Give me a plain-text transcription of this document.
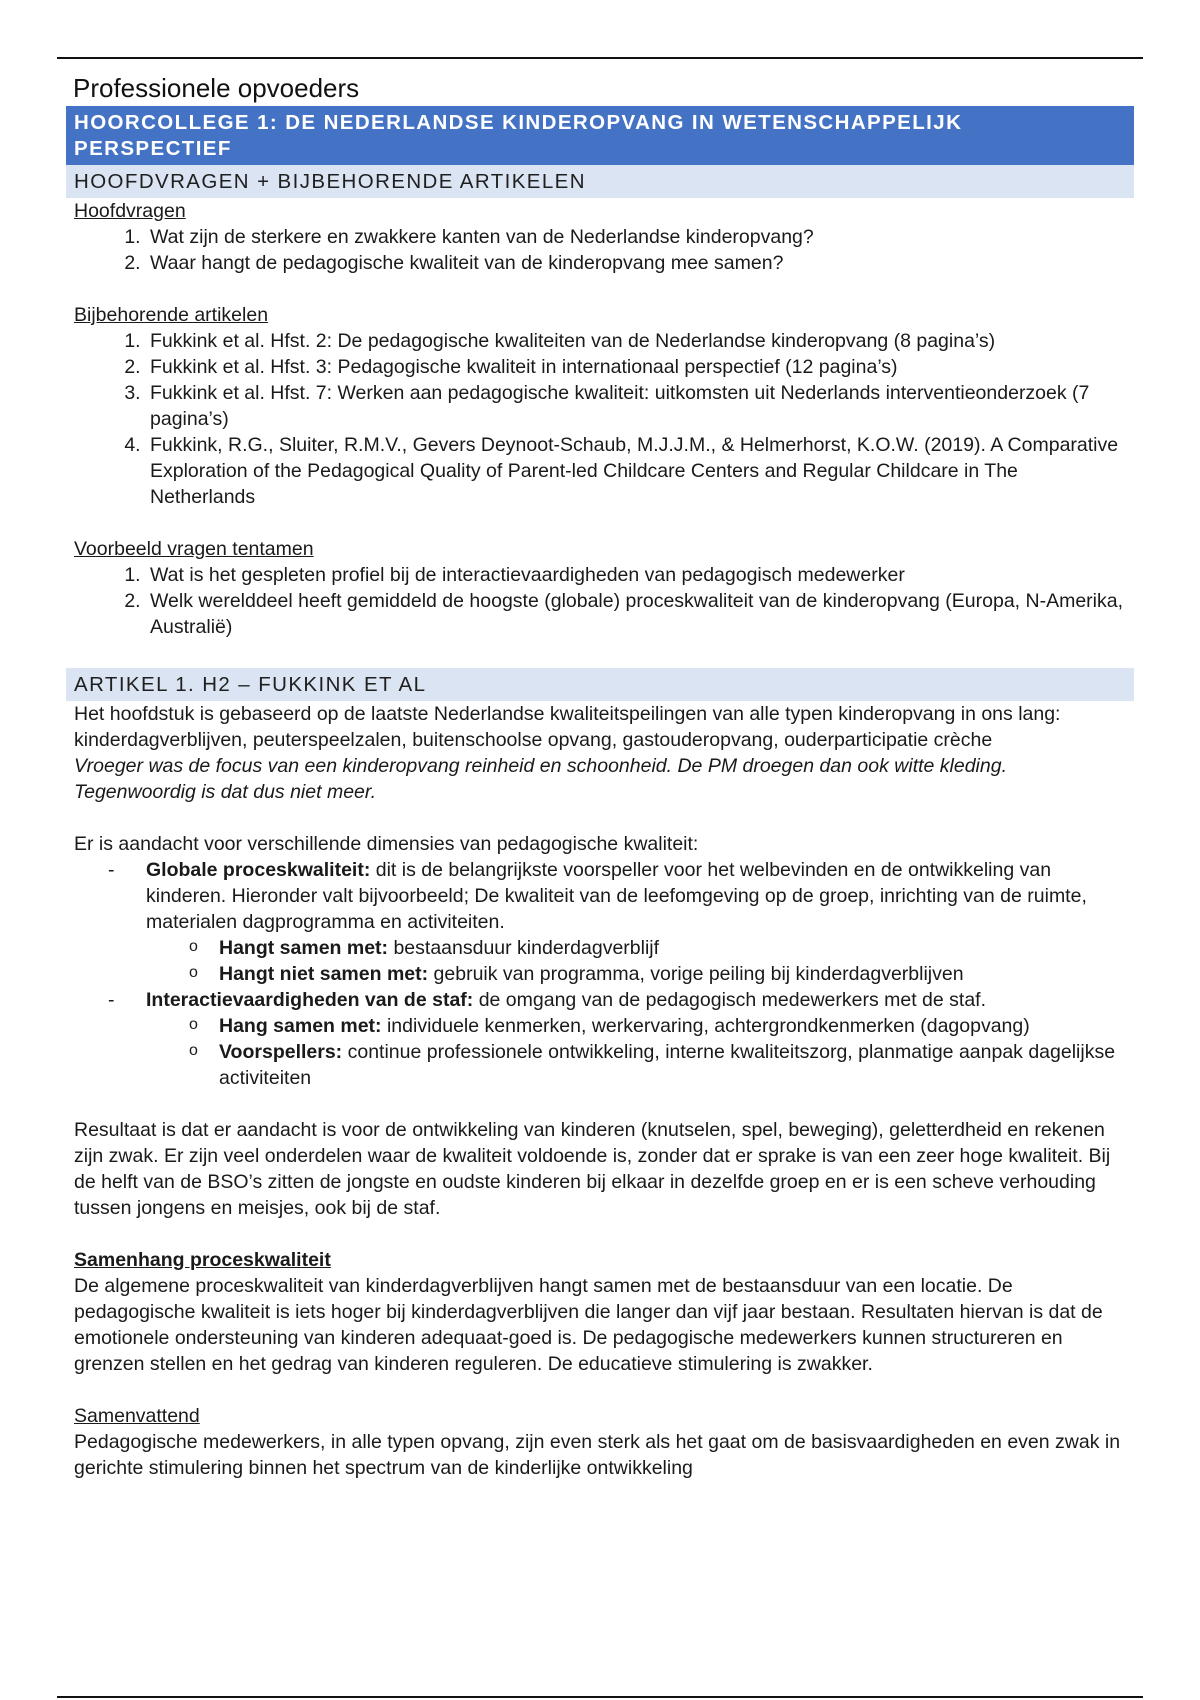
Professionele opvoeders
HOORCOLLEGE 1: DE NEDERLANDSE KINDEROPVANG IN WETENSCHAPPELIJK PERSPECTIEF
HOOFDVRAGEN + BIJBEHORENDE ARTIKELEN

Hoofdvragen

1. Wat zijn de sterkere en zwakkere kanten van de Nederlandse kinderopvang?
2. Waar hangt de pedagogische kwaliteit van de kinderopvang mee samen?

Bijbehorende artikelen

1. Fukkink et al. Hfst. 2: De pedagogische kwaliteiten van de Nederlandse kinderopvang (8 pagina’s)
2. Fukkink et al. Hfst. 3: Pedagogische kwaliteit in internationaal perspectief (12 pagina’s)
3. Fukkink et al. Hfst. 7: Werken aan pedagogische kwaliteit: uitkomsten uit Nederlands interventieonderzoek (7 pagina’s)
4. Fukkink, R.G., Sluiter, R.M.V., Gevers Deynoot-Schaub, M.J.J.M., & Helmerhorst, K.O.W. (2019). A Comparative Exploration of the Pedagogical Quality of Parent-led Childcare Centers and Regular Childcare in The Netherlands

Voorbeeld vragen tentamen

1. Wat is het gespleten profiel bij de interactievaardigheden van pedagogisch medewerker
2. Welk werelddeel heeft gemiddeld de hoogste (globale) proceskwaliteit van de kinderopvang (Europa, N-Amerika, Australië)
ARTIKEL 1. H2 – FUKKINK ET AL

Het hoofdstuk is gebaseerd op de laatste Nederlandse kwaliteitspeilingen van alle typen kinderopvang in ons lang: kinderdagverblijven, peuterspeelzalen, buitenschoolse opvang, gastouderopvang, ouderparticipatie crèche

Vroeger was de focus van een kinderopvang reinheid en schoonheid. De PM droegen dan ook witte kleding. Tegenwoordig is dat dus niet meer.

Er is aandacht voor verschillende dimensies van pedagogische kwaliteit:

- Globale proceskwaliteit: dit is de belangrijkste voorspeller voor het welbevinden en de ontwikkeling van kinderen. Hieronder valt bijvoorbeeld; De kwaliteit van de leefomgeving op de groep, inrichting van de ruimte, materialen dagprogramma en activiteiten.
o Hangt samen met: bestaansduur kinderdagverblijf
o Hangt niet samen met: gebruik van programma, vorige peiling bij kinderdagverblijven
- Interactievaardigheden van de staf: de omgang van de pedagogisch medewerkers met de staf.
o Hang samen met: individuele kenmerken, werkervaring, achtergrondkenmerken (dagopvang)
o Voorspellers: continue professionele ontwikkeling, interne kwaliteitszorg, planmatige aanpak dagelijkse activiteiten

Resultaat is dat er aandacht is voor de ontwikkeling van kinderen (knutselen, spel, beweging), geletterdheid en rekenen zijn zwak. Er zijn veel onderdelen waar de kwaliteit voldoende is, zonder dat er sprake is van een zeer hoge kwaliteit. Bij de helft van de BSO’s zitten de jongste en oudste kinderen bij elkaar in dezelfde groep en er is een scheve verhouding tussen jongens en meisjes, ook bij de staf.

Samenhang proceskwaliteit

De algemene proceskwaliteit van kinderdagverblijven hangt samen met de bestaansduur van een locatie. De pedagogische kwaliteit is iets hoger bij kinderdagverblijven die langer dan vijf jaar bestaan. Resultaten hiervan is dat de emotionele ondersteuning van kinderen adequaat-goed is. De pedagogische medewerkers kunnen structureren en grenzen stellen en het gedrag van kinderen reguleren. De educatieve stimulering is zwakker.

Samenvattend

Pedagogische medewerkers, in alle typen opvang, zijn even sterk als het gaat om de basisvaardigheden en even zwak in gerichte stimulering binnen het spectrum van de kinderlijke ontwikkeling
